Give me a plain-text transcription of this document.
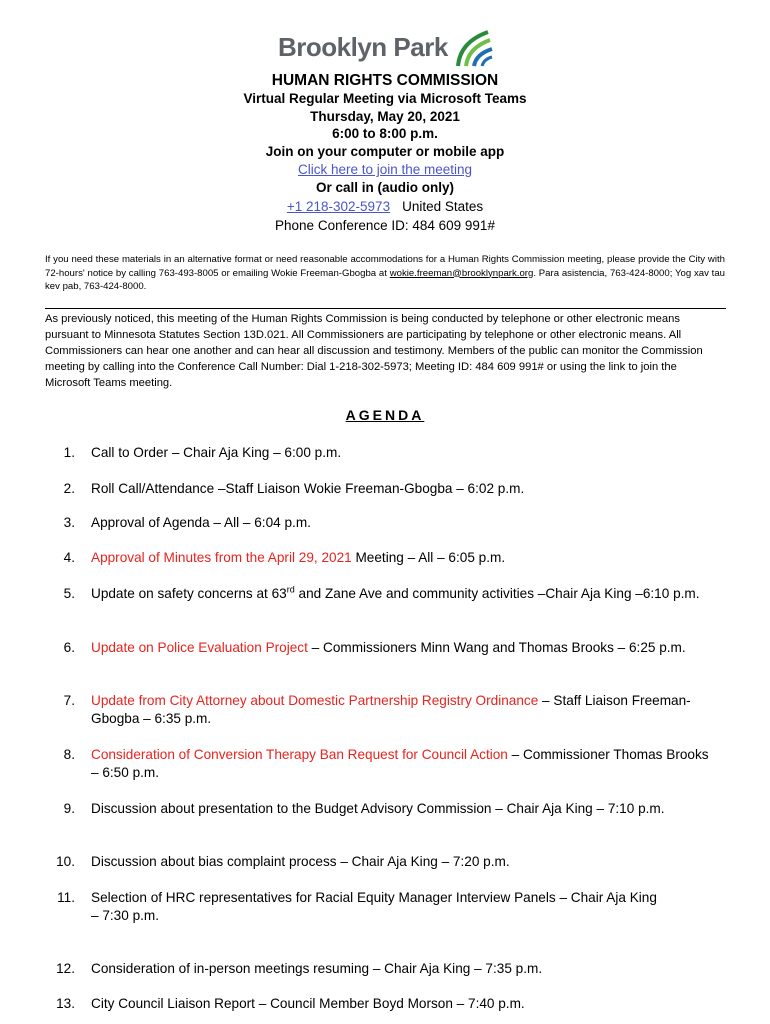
Brooklyn Park
HUMAN RIGHTS COMMISSION
Virtual Regular Meeting via Microsoft Teams
Thursday, May 20, 2021
6:00 to 8:00 p.m.
Join on your computer or mobile app
Click here to join the meeting
Or call in (audio only)
+1 218-302-5973 United States
Phone Conference ID: 484 609 991#
If you need these materials in an alternative format or need reasonable accommodations for a Human Rights Commission meeting, please provide the City with 72-hours' notice by calling 763-493-8005 or emailing Wokie Freeman-Gbogba at wokie.freeman@brooklynpark.org. Para asistencia, 763-424-8000; Yog xav tau kev pab, 763-424-8000.
As previously noticed, this meeting of the Human Rights Commission is being conducted by telephone or other electronic means pursuant to Minnesota Statutes Section 13D.021. All Commissioners are participating by telephone or other electronic means. All Commissioners can hear one another and can hear all discussion and testimony. Members of the public can monitor the Commission meeting by calling into the Conference Call Number: Dial 1-218-302-5973; Meeting ID: 484 609 991# or using the link to join the Microsoft Teams meeting.
AGENDA
1. Call to Order – Chair Aja King – 6:00 p.m.
2. Roll Call/Attendance –Staff Liaison Wokie Freeman-Gbogba – 6:02 p.m.
3. Approval of Agenda – All – 6:04 p.m.
4. Approval of Minutes from the April 29, 2021 Meeting – All – 6:05 p.m.
5. Update on safety concerns at 63rd and Zane Ave and community activities –Chair Aja King –6:10 p.m.
6. Update on Police Evaluation Project – Commissioners Minn Wang and Thomas Brooks – 6:25 p.m.
7. Update from City Attorney about Domestic Partnership Registry Ordinance – Staff Liaison Freeman-Gbogba – 6:35 p.m.
8. Consideration of Conversion Therapy Ban Request for Council Action – Commissioner Thomas Brooks – 6:50 p.m.
9. Discussion about presentation to the Budget Advisory Commission – Chair Aja King – 7:10 p.m.
10. Discussion about bias complaint process – Chair Aja King – 7:20 p.m.
11. Selection of HRC representatives for Racial Equity Manager Interview Panels – Chair Aja King
– 7:30 p.m.
12. Consideration of in-person meetings resuming – Chair Aja King – 7:35 p.m.
13. City Council Liaison Report – Council Member Boyd Morson – 7:40 p.m.
